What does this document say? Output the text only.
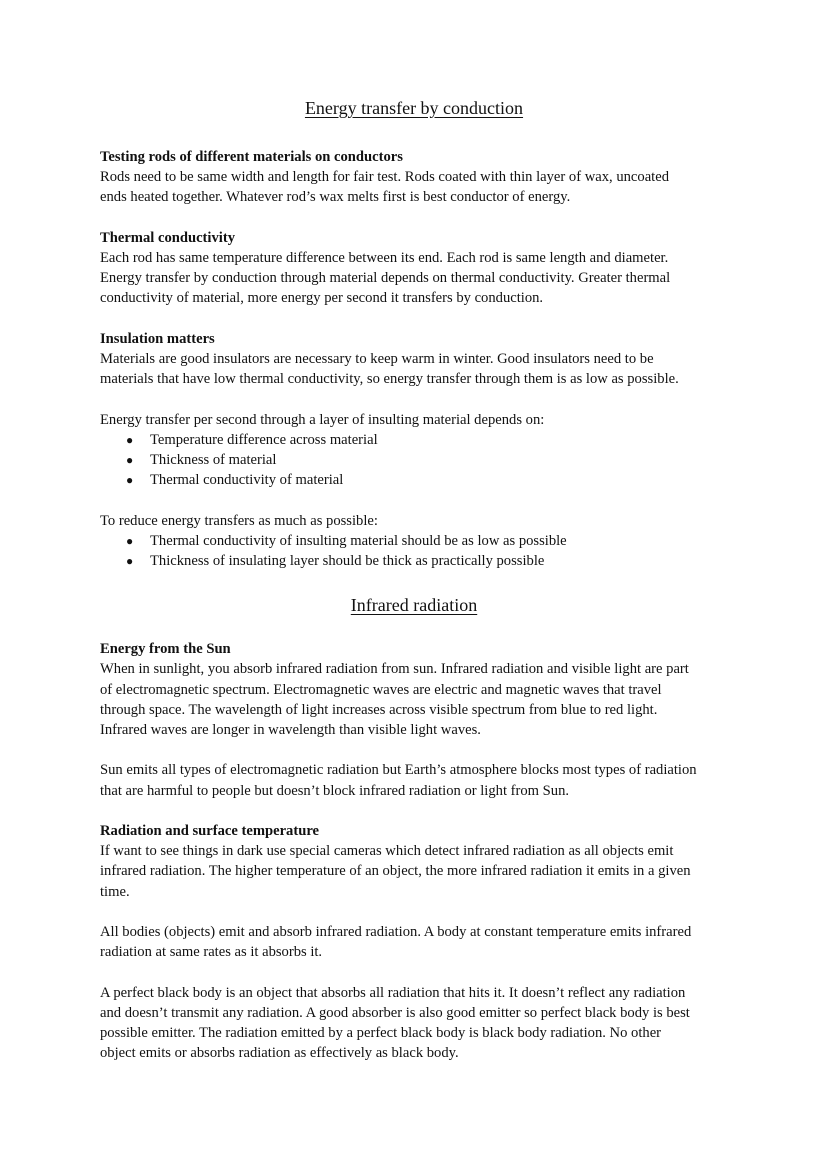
Energy transfer by conduction
Testing rods of different materials on conductors
Rods need to be same width and length for fair test. Rods coated with thin layer of wax, uncoated
ends heated together. Whatever rod’s wax melts first is best conductor of energy.
Thermal conductivity
Each rod has same temperature difference between its end. Each rod is same length and diameter.
Energy transfer by conduction through material depends on thermal conductivity. Greater thermal
conductivity of material, more energy per second it transfers by conduction.
Insulation matters
Materials are good insulators are necessary to keep warm in winter. Good insulators need to be
materials that have low thermal conductivity, so energy transfer through them is as low as possible.
Energy transfer per second through a layer of insulting material depends on:
● Temperature difference across material
● Thickness of material
● Thermal conductivity of material
To reduce energy transfers as much as possible:
● Thermal conductivity of insulting material should be as low as possible
● Thickness of insulating layer should be thick as practically possible
Infrared radiation
Energy from the Sun
When in sunlight, you absorb infrared radiation from sun. Infrared radiation and visible light are part
of electromagnetic spectrum. Electromagnetic waves are electric and magnetic waves that travel
through space. The wavelength of light increases across visible spectrum from blue to red light.
Infrared waves are longer in wavelength than visible light waves.
Sun emits all types of electromagnetic radiation but Earth’s atmosphere blocks most types of radiation
that are harmful to people but doesn’t block infrared radiation or light from Sun.
Radiation and surface temperature
If want to see things in dark use special cameras which detect infrared radiation as all objects emit
infrared radiation. The higher temperature of an object, the more infrared radiation it emits in a given
time.
All bodies (objects) emit and absorb infrared radiation. A body at constant temperature emits infrared
radiation at same rates as it absorbs it.
A perfect black body is an object that absorbs all radiation that hits it. It doesn’t reflect any radiation
and doesn’t transmit any radiation. A good absorber is also good emitter so perfect black body is best
possible emitter. The radiation emitted by a perfect black body is black body radiation. No other
object emits or absorbs radiation as effectively as black body.
